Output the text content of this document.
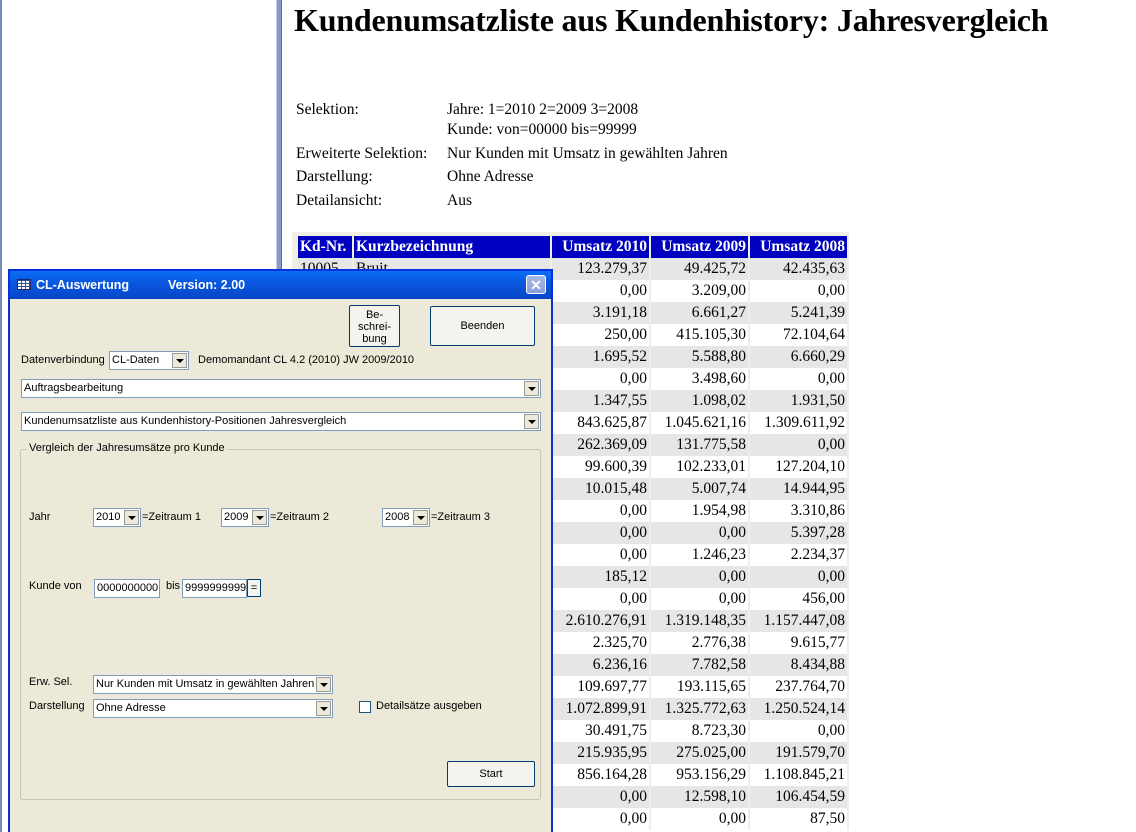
Kundenumsatzliste aus Kundenhistory: Jahresvergleich
Selektion:	Jahre: 1=2010 2=2009 3=2008
Kunde: von=00000 bis=99999
Erweiterte Selektion: Nur Kunden mit Umsatz in gewählten Jahren
Darstellung:	Ohne Adresse
Detailansicht:	Aus
Kd-Nr.	Kurzbezeichnung	Umsatz 2010	Umsatz 2009	Umsatz 2008
		123.279,37	49.425,72	42.435,63
		0,00	3.209,00	0,00
		3.191,18	6.661,27	5.241,39
		250,00	415.105,30	72.104,64
		1.695,52	5.588,80	6.660,29
		0,00	3.498,60	0,00
		1.347,55	1.098,02	1.931,50
		843.625,87	1.045.621,16	1.309.611,92
		262.369,09	131.775,58	0,00
		99.600,39	102.233,01	127.204,10
		10.015,48	5.007,74	14.944,95
		0,00	1.954,98	3.310,86
		0,00	0,00	5.397,28
		0,00	1.246,23	2.234,37
		185,12	0,00	0,00
		0,00	0,00	456,00
		2.610.276,91	1.319.148,35	1.157.447,08
		2.325,70	2.776,38	9.615,77
		6.236,16	7.782,58	8.434,88
		109.697,77	193.115,65	237.764,70
		1.072.899,91	1.325.772,63	1.250.524,14
		30.491,75	8.723,30	0,00
		215.935,95	275.025,00	191.579,70
		856.164,28	953.156,29	1.108.845,21
		0,00	12.598,10	106.454,59
		0,00	0,00	87,50
CL-Auswertung	Version: 2.00	✕
Be-
schrei-
bung
Beenden
Datenverbindung CL-Daten	Demomandant CL 4.2 (2010) JW 2009/2010
Auftragsbearbeitung
Kundenumsatzliste aus Kundenhistory-Positionen Jahresvergleich
Vergleich der Jahresumsätze pro Kunde
Jahr	2010 =Zeitraum 1 2009 =Zeitraum 2	2008 =Zeitraum 3
Kunde von 0000000000 bis 9999999999 =
Erw. Sel. Nur Kunden mit Umsatz in gewählten Jahren
Darstellung Ohne Adresse	Detailsätze ausgeben
Start
